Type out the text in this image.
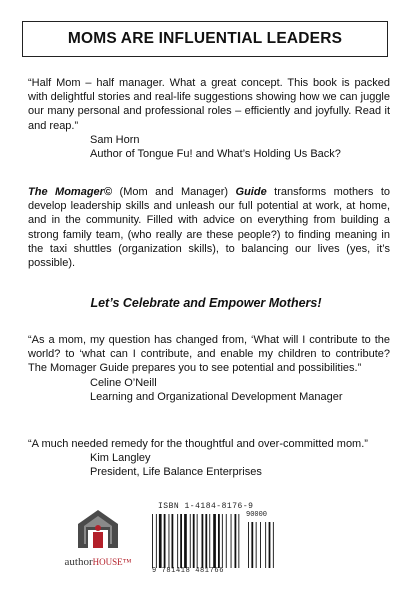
MOMS ARE INFLUENTIAL LEADERS
“Half Mom – half manager. What a great concept. This book is packed with delightful stories and real-life suggestions showing how we can juggle our many personal and professional roles – efficiently and joyfully. Read it and reap.”
Sam Horn
Author of Tongue Fu! and What’s Holding Us Back?
The Momager© (Mom and Manager) Guide transforms mothers to develop leadership skills and unleash our full potential at work, at home, and in the community. Filled with advice on everything from building a strong family team, (who really are these people?) to finding meaning in the taxi shuttles (organization skills), to balancing our lives (yes, it’s possible).
Let’s Celebrate and Empower Mothers!
“As a mom, my question has changed from, ‘What will I contribute to the world? to ‘what can I contribute, and enable my children to contribute? The Momager Guide prepares you to see potential and possibilities.”
Celine O’Neill
Learning and Organizational Development Manager
“A much needed remedy for the thoughtful and over-committed mom.”
Kim Langley
President, Life Balance Enterprises
authorHOUSE™
ISBN 1-4184-8176-9
90000
9 781418 481766
